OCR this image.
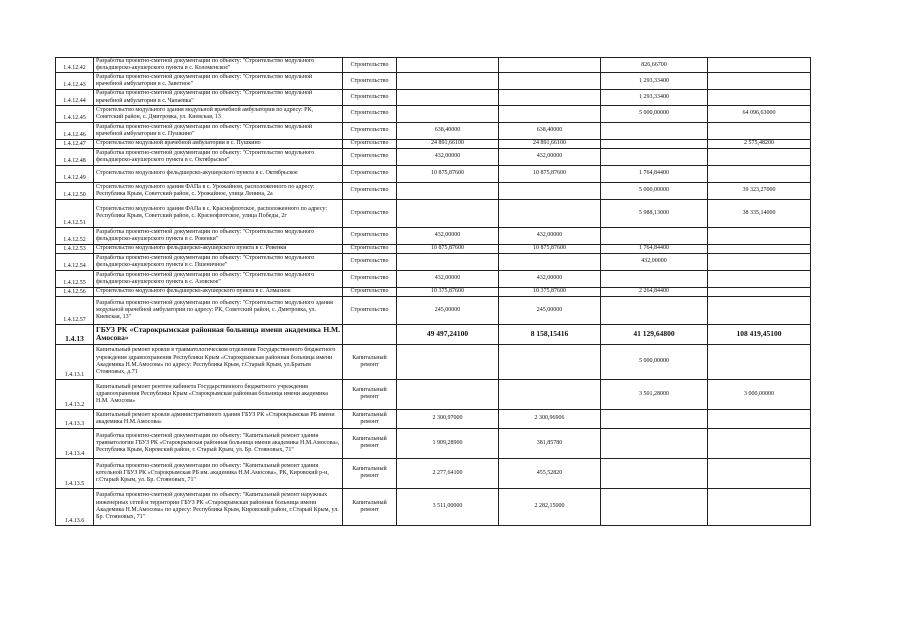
1.4.12.42	Разработка проектно-сметной документации по объекту: "Строительство модульного фельдшерско-акушерского пункта в с. Коломенское"	Строительство			826,66700	
1.4.12.43	Разработка проектно-сметной документации по объекту: "Строительство модульной врачебной амбулатории в с. Заветное"	Строительство			1 293,33400	
1.4.12.44	Разработка проектно-сметной документации по объекту: "Строительство модульной врачебной амбулатории в с. Чапаевка"	Строительство			1 293,33400	
1.4.12.45	Строительство модульного здания модульной врачебной амбулатории по адресу: РК, Советский район, с. Дмитровка, ул. Киевская, 13	Строительство			5 000,00000	64 096,63000
1.4.12.46	Разработка проектно-сметной документации по объекту: "Строительство модульной врачебной амбулатории в с. Пушкино"	Строительство	638,40000	638,40000		
1.4.12.47	Строительство модульной врачебной амбулатории в с. Пушкино	Строительство	24 891,66100	24 891,66100		2 575,48200
1.4.12.48	Разработка проектно-сметной документации по объекту: "Строительство модульного фельдшерско-акушерского пункта в с. Октябрьское"	Строительство	432,00000	432,00000		
1.4.12.49	Строительство модульного фельдшерско-акушерского пункта в с. Октябрьское	Строительство	10 875,87600	10 875,87600	1 764,84400	
1.4.12.50	Строительство модульного здания ФАПа в с. Урожайном, расположенного по адресу: Республика Крым, Советский район, с. Урожайное, улица Ленина, 2а	Строительство			5 000,00000	39 323,27000
1.4.12.51	Строительство модульного здания ФАПа в с. Краснофлотское, расположенного по адресу: Республика Крым, Советский район, с. Краснофлотское, улица Победы, 2г	Строительство			5 988,13000	38 335,14000
1.4.12.52	Разработка проектно-сметной документации по объекту: "Строительство модульного фельдшерско-акушерского пункта в с. Ровенки"	Строительство	432,00000	432,00000		
1.4.12.53	Строительство модульного фельдшерско-акушерского пункта в с. Ровенки	Строительство	10 875,87600	10 875,87600	1 764,84400	
1.4.12.54	Разработка проектно-сметной документации по объекту: "Строительство модульного фельдшерско-акушерского пункта в с. Пшеничное"	Строительство			432,00000	
1.4.12.55	Разработка проектно-сметной документации по объекту: "Строительство модульного фельдшерско-акушерского пункта в с. Азовское"	Строительство	432,00000	432,00000		
1.4.12.56	Строительство модульного фельдшерско-акушерского пункта в с. Алмазное	Строительство	10 375,87600	10 375,87600	2 264,84400	
1.4.12.57	Разработка проектно-сметной документации по объекту: "Строительство модульного здания модульной врачебной амбулатории по адресу: РК, Советский район, с. Дмитровка, ул. Киевская, 13"	Строительство	245,00000	245,00000		
1.4.13	ГБУЗ РК «Старокрымская районная больница имени академика Н.М. Амосова»		49 497,24100	8 158,15416	41 129,64800	108 419,45100
1.4.13.1	Капитальный ремонт кровли в травматологическом отделении Государственного бюджетного учреждения здравоохранения Республики Крым «Старокрымская районная больница имени Академика Н.М.Амосова» по адресу: Республика Крым, г.Старый Крым, ул.Братьев Стояновых, д.71	Капитальный ремонт			5 000,00000	
1.4.13.2	Капитальный ремонт рентген кабинета Государственного бюджетного учреждения здравоохранения Республики Крым «Старокрымская районная больница имени академика Н.М. Амосова»	Капитальный ремонт			3 501,28000	3 000,00000
1.4.13.3	Капитальный ремонт кровли административного здания ГБУЗ РК «Старокрымская РБ имени академика Н.М.Амосова»	Капитальный ремонт	2 300,97000	2 300,96906		
1.4.13.4	Разработка проектно-сметной документации по объекту: "Капитальный ремонт здания травматологии ГБУЗ РК «Старокрымская районная больница имени академика Н.М.Амосова», Республика Крым, Кировский район, г. Старый Крым, ул. Бр. Стояновых, 71"	Капитальный ремонт	1 909,28900	381,85780		
1.4.13.5	Разработка проектно-сметной документации по объекту: "Капитальный ремонт здания котельной ГБУЗ РК «Старокрымская РБ им. академика Н.М.Амосова», РК, Кировский р-н, г.Старый Крым, ул. Бр. Стояновых, 71"	Капитальный ремонт	2 277,64100	455,52820		
1.4.13.6	Разработка проектно-сметной документации по объекту: "Капитальный ремонт наружных инженерных сетей и территории ГБУЗ РК «Старокрымская районная больница имени Академика Н.М.Амосова» по адресу: Республика Крым, Кировский район, г.Старый Крым, ул. Бр. Стояновых, 71"	Капитальный ремонт	3 511,00000	2 282,15000		
